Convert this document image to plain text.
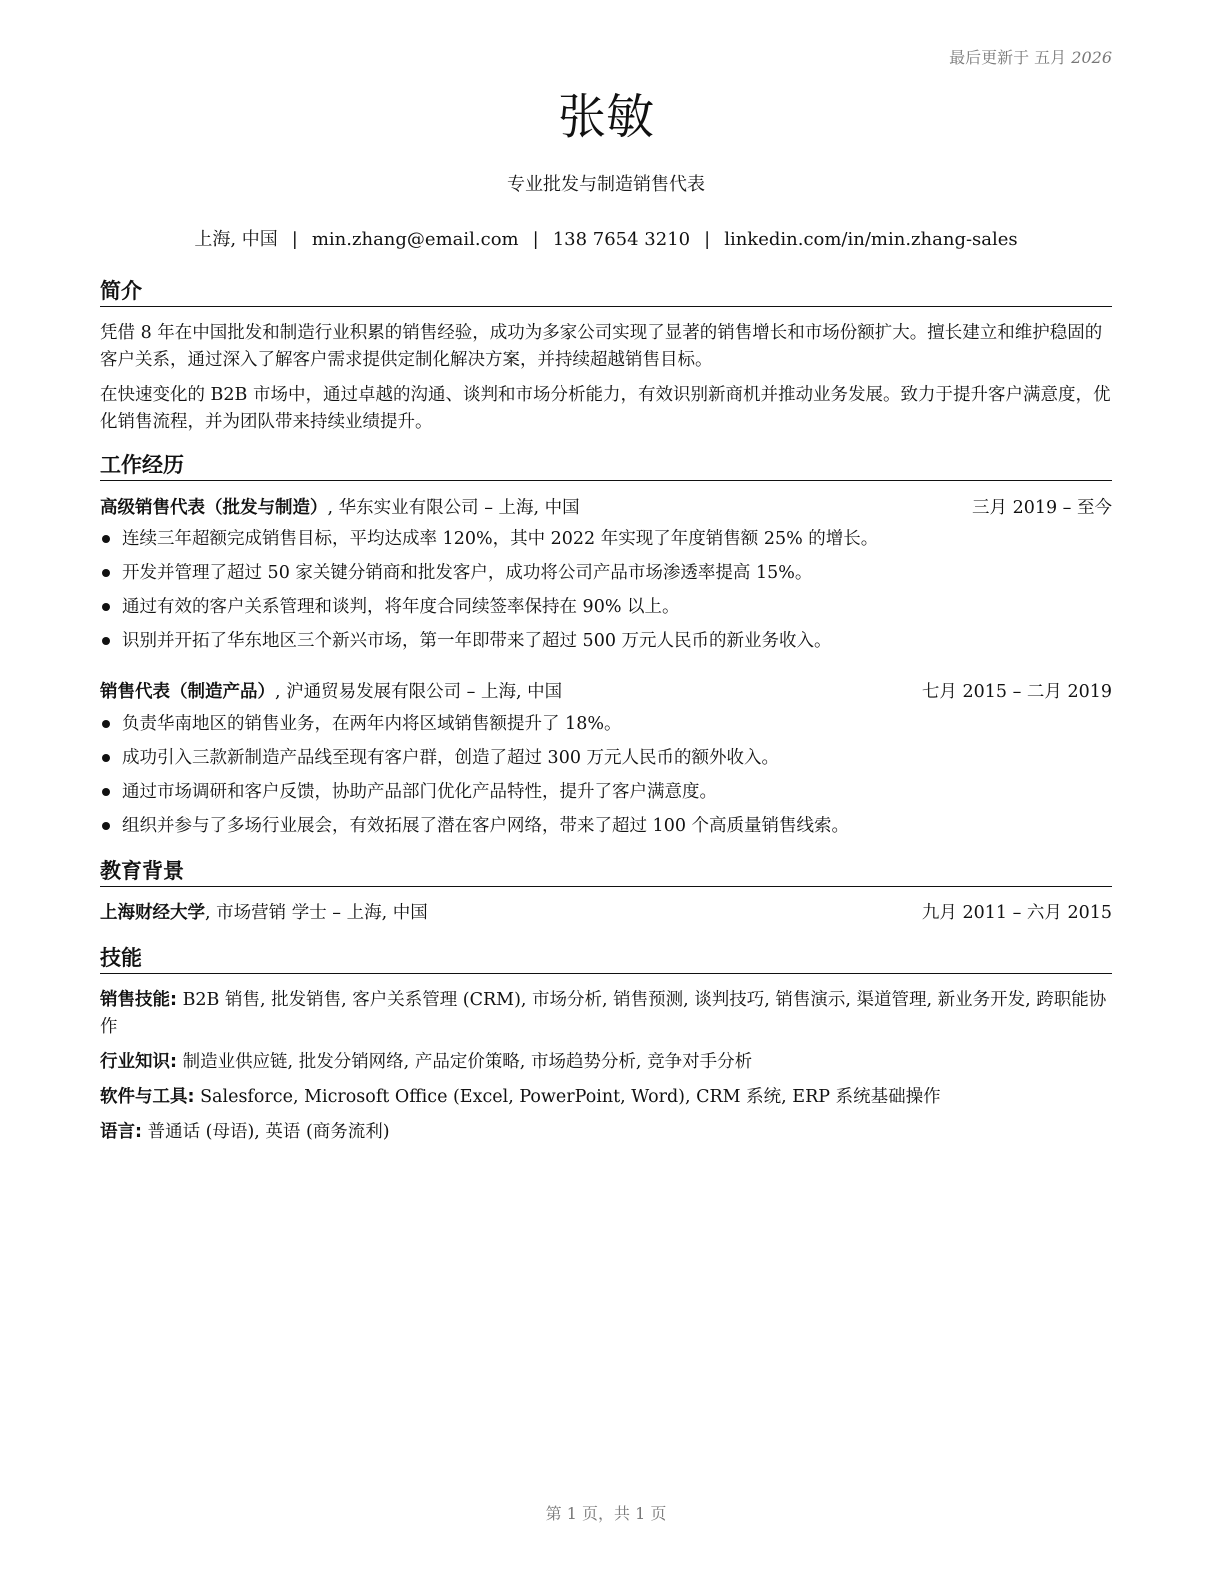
最后更新于 五月 2026
张敏
专业批发与制造销售代表
上海, 中国 | min.zhang@email.com | 138 7654 3210 | linkedin.com/in/min.zhang-sales
简介

凭借 8 年在中国批发和制造行业积累的销售经验，成功为多家公司实现了显著的销售增长和市场份额扩大。擅长建立和维护稳固的客户关系，通过深入了解客户需求提供定制化解决方案，并持续超越销售目标。

在快速变化的 B2B 市场中，通过卓越的沟通、谈判和市场分析能力，有效识别新商机并推动业务发展。致力于提升客户满意度，优化销售流程，并为团队带来持续业绩提升。

工作经历
高级销售代表（批发与制造）, 华东实业有限公司 – 上海, 中国	三月 2019 – 至今
连续三年超额完成销售目标，平均达成率 120%，其中 2022 年实现了年度销售额 25% 的增长。
开发并管理了超过 50 家关键分销商和批发客户，成功将公司产品市场渗透率提高 15%。
通过有效的客户关系管理和谈判，将年度合同续签率保持在 90% 以上。
识别并开拓了华东地区三个新兴市场，第一年即带来了超过 500 万元人民币的新业务收入。
销售代表（制造产品）, 沪通贸易发展有限公司 – 上海, 中国	七月 2015 – 二月 2019
负责华南地区的销售业务，在两年内将区域销售额提升了 18%。
成功引入三款新制造产品线至现有客户群，创造了超过 300 万元人民币的额外收入。
通过市场调研和客户反馈，协助产品部门优化产品特性，提升了客户满意度。
组织并参与了多场行业展会，有效拓展了潜在客户网络，带来了超过 100 个高质量销售线索。
教育背景
上海财经大学, 市场营销 学士 – 上海, 中国	九月 2011 – 六月 2015
技能
销售技能: B2B 销售, 批发销售, 客户关系管理 (CRM), 市场分析, 销售预测, 谈判技巧, 销售演示, 渠道管理, 新业务开发, 跨职能协作
行业知识: 制造业供应链, 批发分销网络, 产品定价策略, 市场趋势分析, 竞争对手分析
软件与工具: Salesforce, Microsoft Office (Excel, PowerPoint, Word), CRM 系统, ERP 系统基础操作
语言: 普通话 (母语), 英语 (商务流利)
第 1 页，共 1 页
